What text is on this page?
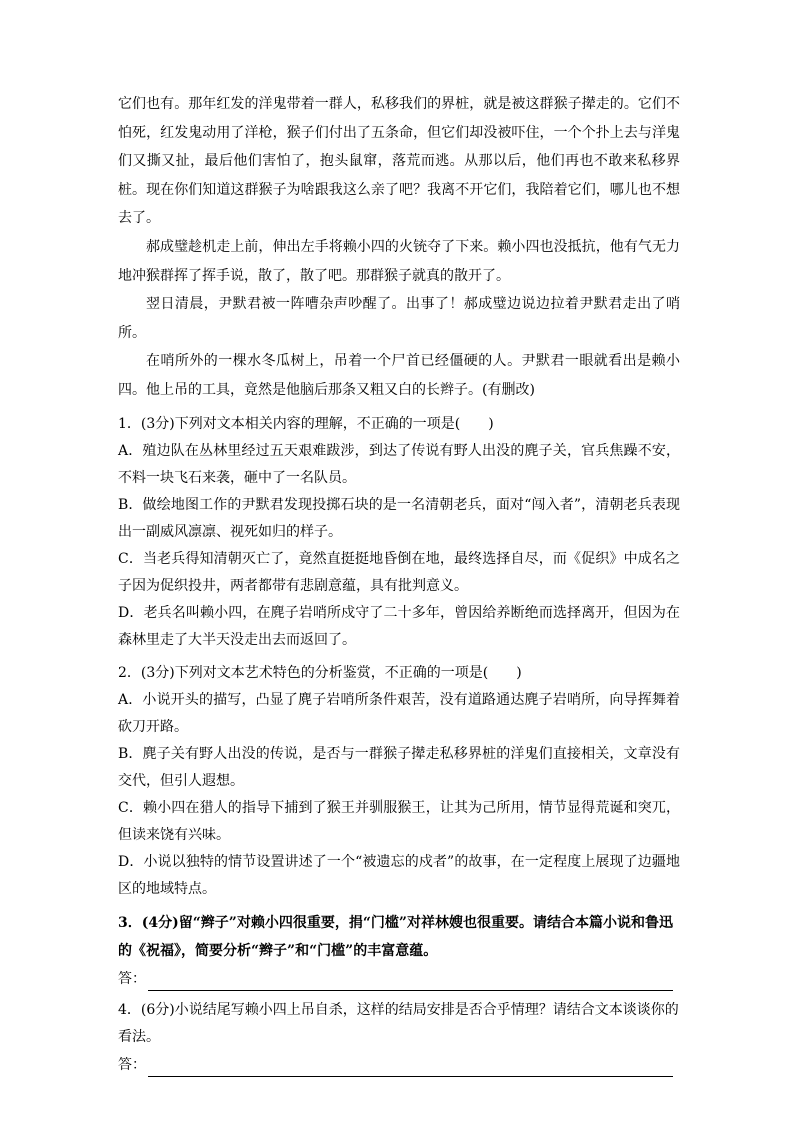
它们也有。那年红发的洋鬼带着一群人，私移我们的界桩，就是被这群猴子撵走的。它们不怕死，红发鬼动用了洋枪，猴子们付出了五条命，但它们却没被吓住，一个个扑上去与洋鬼们又撕又扯，最后他们害怕了，抱头鼠窜，落荒而逃。从那以后，他们再也不敢来私移界桩。现在你们知道这群猴子为啥跟我这么亲了吧？我离不开它们，我陪着它们，哪儿也不想去了。

郝成璧趁机走上前，伸出左手将赖小四的火铳夺了下来。赖小四也没抵抗，他有气无力地冲猴群挥了挥手说，散了，散了吧。那群猴子就真的散开了。

翌日清晨，尹默君被一阵嘈杂声吵醒了。出事了！郝成璧边说边拉着尹默君走出了哨所。

在哨所外的一棵水冬瓜树上，吊着一个尸首已经僵硬的人。尹默君一眼就看出是赖小四。他上吊的工具，竟然是他脑后那条又粗又白的长辫子。(有删改)

1．(3分)下列对文本相关内容的理解，不正确的一项是(　　)

A．殖边队在丛林里经过五天艰难跋涉，到达了传说有野人出没的麂子关，官兵焦躁不安，不料一块飞石来袭，砸中了一名队员。

B．做绘地图工作的尹默君发现投掷石块的是一名清朝老兵，面对“闯入者”，清朝老兵表现出一副威风凛凛、视死如归的样子。

C．当老兵得知清朝灭亡了，竟然直挺挺地昏倒在地，最终选择自尽，而《促织》中成名之子因为促织投井，两者都带有悲剧意蕴，具有批判意义。

D．老兵名叫赖小四，在麂子岩哨所戍守了二十多年，曾因给养断绝而选择离开，但因为在森林里走了大半天没走出去而返回了。

2．(3分)下列对文本艺术特色的分析鉴赏，不正确的一项是(　　)

A．小说开头的描写，凸显了麂子岩哨所条件艰苦，没有道路通达麂子岩哨所，向导挥舞着砍刀开路。

B．麂子关有野人出没的传说，是否与一群猴子撵走私移界桩的洋鬼们直接相关，文章没有交代，但引人遐想。

C．赖小四在猎人的指导下捕到了猴王并驯服猴王，让其为己所用，情节显得荒诞和突兀，但读来饶有兴味。

D．小说以独特的情节设置讲述了一个“被遗忘的戍者”的故事，在一定程度上展现了边疆地区的地域特点。

3．(4分)留“辫子”对赖小四很重要，捐“门槛”对祥林嫂也很重要。请结合本篇小说和鲁迅的《祝福》，简要分析“辫子”和“门槛”的丰富意蕴。

答：

4．(6分)小说结尾写赖小四上吊自杀，这样的结局安排是否合乎情理？请结合文本谈谈你的看法。

答：
